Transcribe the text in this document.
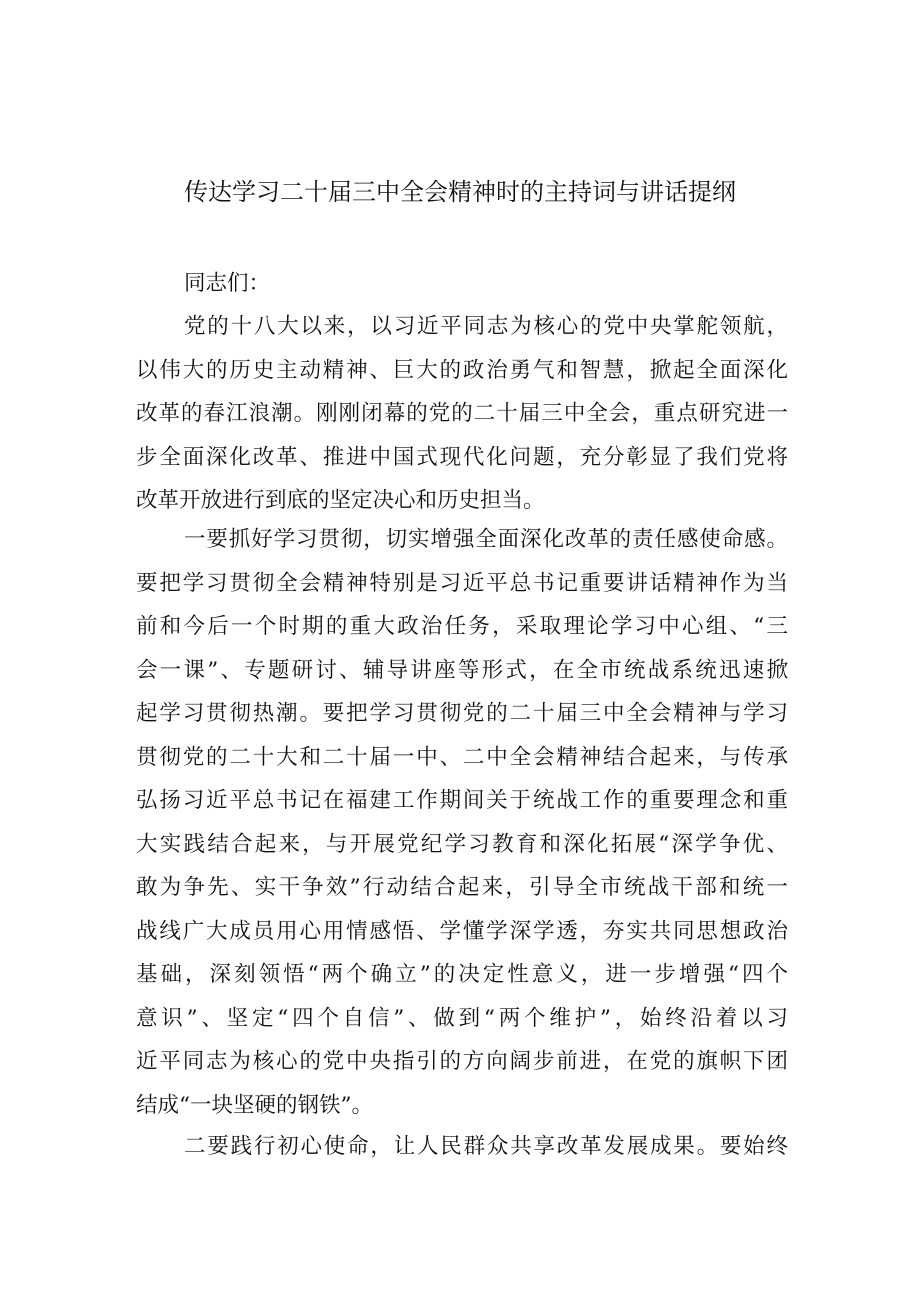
传达学习二十届三中全会精神时的主持词与讲话提纲
同志们：
党的十八大以来，以习近平同志为核心的党中央掌舵领航，
以伟大的历史主动精神、巨大的政治勇气和智慧，掀起全面深化
改革的春江浪潮。刚刚闭幕的党的二十届三中全会，重点研究进一
步全面深化改革、推进中国式现代化问题，充分彰显了我们党将
改革开放进行到底的坚定决心和历史担当。
一要抓好学习贯彻，切实增强全面深化改革的责任感使命感。
要把学习贯彻全会精神特别是习近平总书记重要讲话精神作为当
前和今后一个时期的重大政治任务，采取理论学习中心组、“三
会一课”、专题研讨、辅导讲座等形式，在全市统战系统迅速掀
起学习贯彻热潮。要把学习贯彻党的二十届三中全会精神与学习
贯彻党的二十大和二十届一中、二中全会精神结合起来，与传承
弘扬习近平总书记在福建工作期间关于统战工作的重要理念和重
大实践结合起来，与开展党纪学习教育和深化拓展“深学争优、
敢为争先、实干争效”行动结合起来，引导全市统战干部和统一
战线广大成员用心用情感悟、学懂学深学透，夯实共同思想政治
基础，深刻领悟“两个确立”的决定性意义，进一步增强“四个
意识”、坚定“四个自信”、做到“两个维护”，始终沿着以习
近平同志为核心的党中央指引的方向阔步前进，在党的旗帜下团
结成“一块坚硬的钢铁”。
二要践行初心使命，让人民群众共享改革发展成果。要始终
